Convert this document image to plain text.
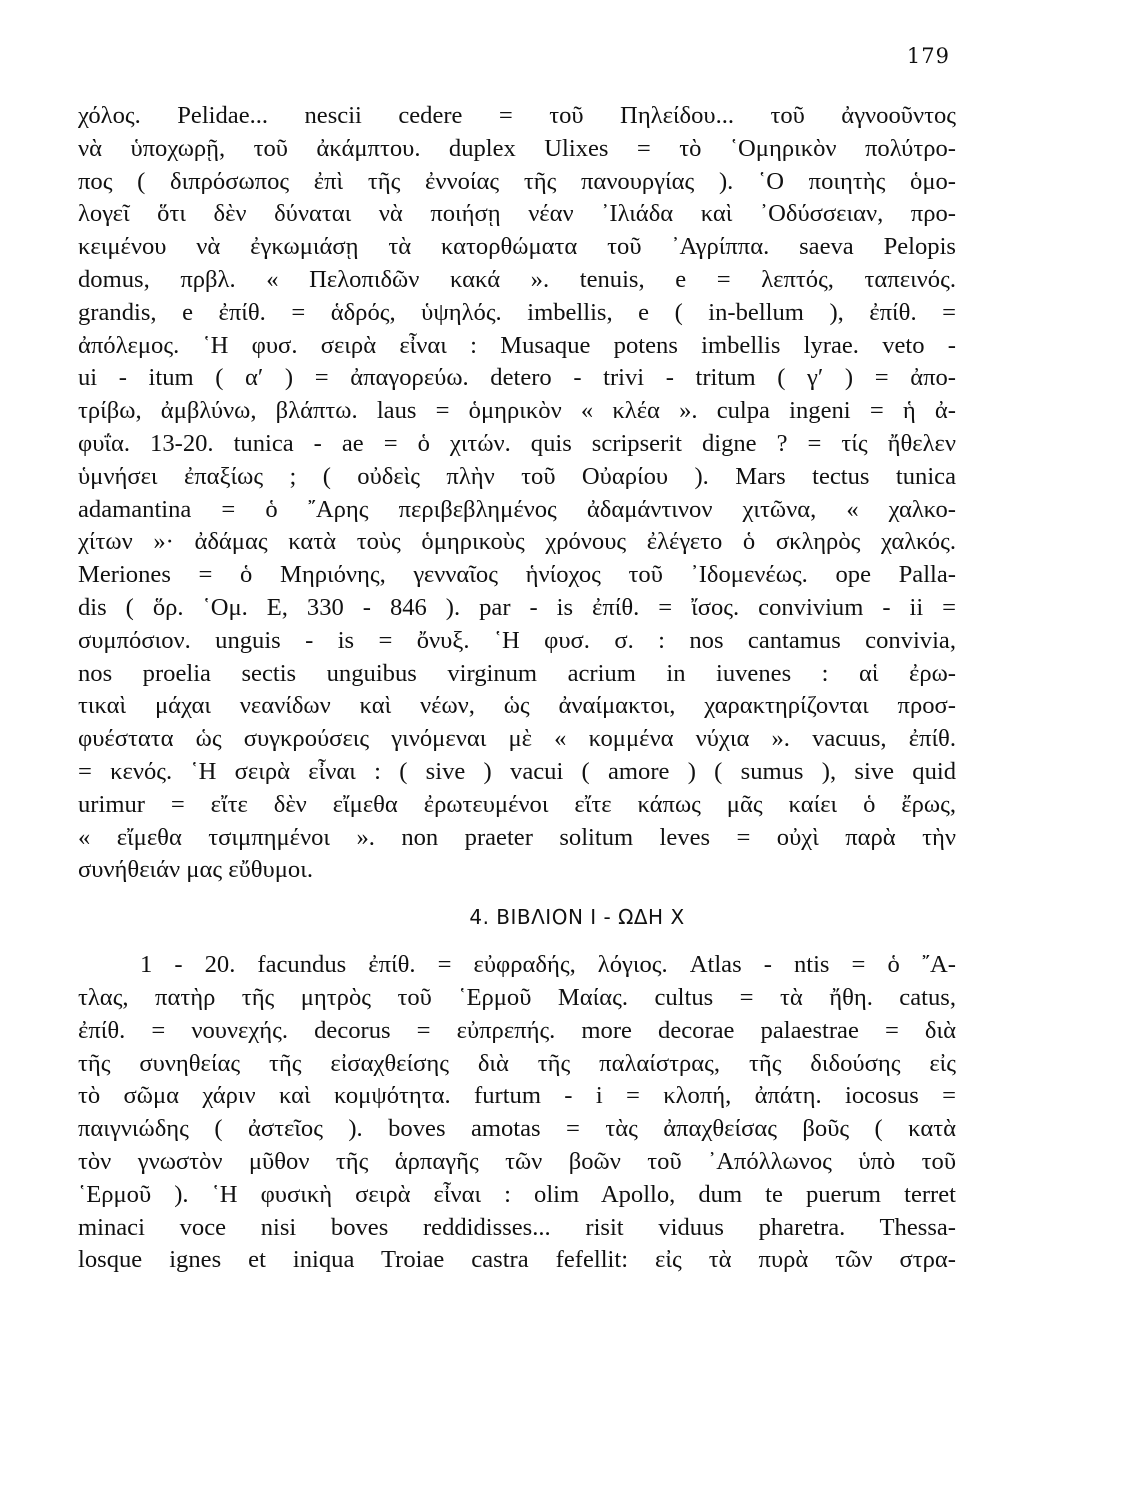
179
χόλος. Pelidae... nescii cedere = τοῦ Πηλείδου... τοῦ ἀγνοοῦντος
νὰ ὑποχωρῇ, τοῦ ἀκάμπτου. duplex Ulixes = τὸ ῾Ομηρικὸν πολύτρο-
πος ( διπρόσωπος ἐπὶ τῆς ἐννοίας τῆς πανουργίας ). ῾Ο ποιητὴς ὁμο-
λογεῖ ὅτι δὲν δύναται νὰ ποιήσῃ νέαν ᾿Ιλιάδα καὶ ᾿Οδύσσειαν, προ-
κειμένου νὰ ἐγκωμιάσῃ τὰ κατορθώματα τοῦ ᾿Αγρίππα. saeva Pelopis
domus, πρβλ. « Πελοπιδῶν κακά ». tenuis, e = λεπτός, ταπεινός.
grandis, e ἐπίθ. = ἁδρός, ὑψηλός. imbellis, e ( in-bellum ), ἐπίθ. =
ἀπόλεμος. ῾Η φυσ. σειρὰ εἶναι : Musaque potens imbellis lyrae. veto -
ui - itum ( α′ ) = ἀπαγορεύω. detero - trivi - tritum ( γ′ ) = ἀπο-
τρίβω, ἀμβλύνω, βλάπτω. laus = ὁμηρικὸν « κλέα ». culpa ingeni = ἡ ἀ-
φυΐα. 13-20. tunica - ae = ὁ χιτών. quis scripserit digne ? = τίς ἤθελεν
ὑμνήσει ἐπαξίως ; ( οὐδεὶς πλὴν τοῦ Οὐαρίου ). Mars tectus tunica
adamantina = ὁ ῎Αρης περιβεβλημένος ἀδαμάντινον χιτῶνα, « χαλκο-
χίτων »· ἀδάμας κατὰ τοὺς ὁμηρικοὺς χρόνους ἐλέγετο ὁ σκληρὸς χαλκός.
Meriones = ὁ Μηριόνης, γενναῖος ἡνίοχος τοῦ ᾿Ιδομενέως. ope Palla-
dis ( ὅρ. ῾Ομ. Ε, 330 - 846 ). par - is ἐπίθ. = ἴσος. convivium - ii =
συμπόσιον. unguis - is = ὄνυξ. ῾Η φυσ. σ. : nos cantamus convivia,
nos proelia sectis unguibus virginum acrium in iuvenes : αἱ ἐρω-
τικαὶ μάχαι νεανίδων καὶ νέων, ὡς ἀναίμακτοι, χαρακτηρίζονται προσ-
φυέστατα ὡς συγκρούσεις γινόμεναι μὲ « κομμένα νύχια ». vacuus, ἐπίθ.
= κενός. ῾Η σειρὰ εἶναι : ( sive ) vacui ( amore ) ( sumus ), sive quid
urimur = εἴτε δὲν εἴμεθα ἐρωτευμένοι εἴτε κάπως μᾶς καίει ὁ ἔρως,
« εἴμεθα τσιμπημένοι ». non praeter solitum leves = οὐχὶ παρὰ τὴν
συνήθειάν μας εὔθυμοι.
4. ΒΙΒΛΙΟΝ I - ΩΔΗ X
1 - 20. facundus ἐπίθ. = εὐφραδής, λόγιος. Atlas - ntis = ὁ ῎Α-
τλας, πατὴρ τῆς μητρὸς τοῦ ῾Ερμοῦ Μαίας. cultus = τὰ ἤθη. catus,
ἐπίθ. = νουνεχής. decorus = εὐπρεπής. more decorae palaestrae = διὰ
τῆς συνηθείας τῆς εἰσαχθείσης διὰ τῆς παλαίστρας, τῆς διδούσης εἰς
τὸ σῶμα χάριν καὶ κομψότητα. furtum - i = κλοπή, ἀπάτη. iocosus =
παιγνιώδης ( ἀστεῖος ). boves amotas = τὰς ἀπαχθείσας βοῦς ( κατὰ
τὸν γνωστὸν μῦθον τῆς ἁρπαγῆς τῶν βοῶν τοῦ ᾿Απόλλωνος ὑπὸ τοῦ
῾Ερμοῦ ). ῾Η φυσικὴ σειρὰ εἶναι : olim Apollo, dum te puerum terret
minaci voce nisi boves reddidisses... risit viduus pharetra. Thessa-
losque ignes et iniqua Troiae castra fefellit: εἰς τὰ πυρὰ τῶν στρα-
